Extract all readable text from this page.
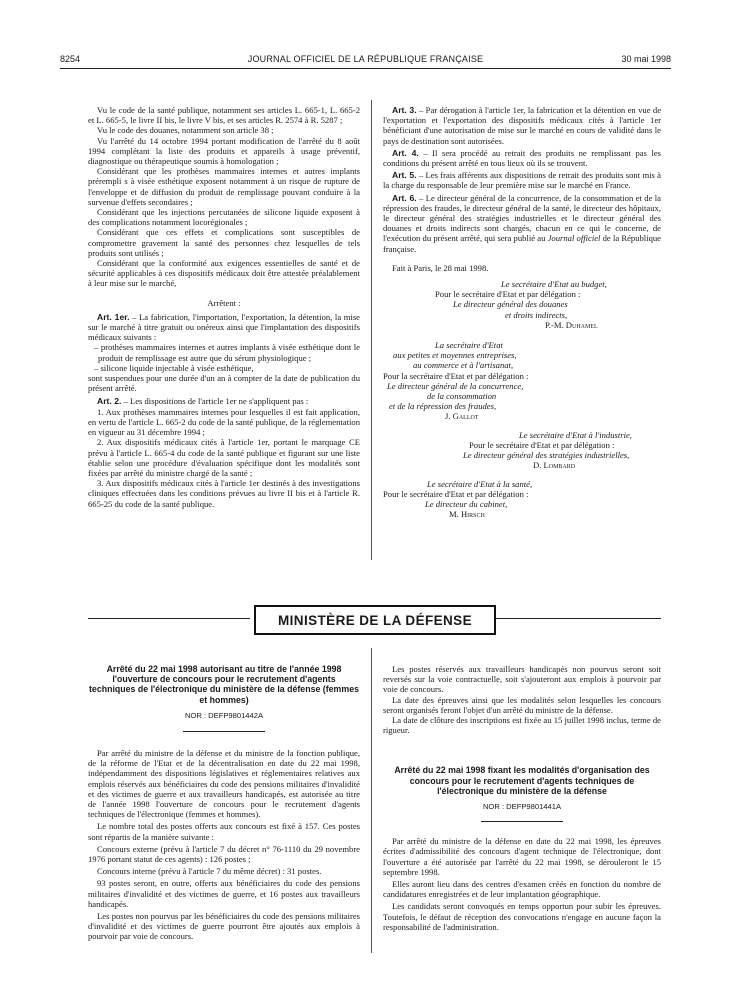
8254	JOURNAL OFFICIEL DE LA RÉPUBLIQUE FRANÇAISE	30 mai 1998

Vu le code de la santé publique, notamment ses articles L. 665-1, L. 665-2 et L. 665-5, le livre II bis, le livre V bis, et ses articles R. 2574 à R. 5287 ;

Vu le code des douanes, notamment son article 38 ;

Vu l'arrêté du 14 octobre 1994 portant modification de l'arrêté du 8 août 1994 complétant la liste des produits et appareils à usage préventif, diagnostique ou thérapeutique soumis à homologation ;

Considérant que les prothèses mammaires internes et autres implants prérempli s à visée esthétique exposent notamment à un risque de rupture de l'enveloppe et de diffusion du produit de remplissage pouvant conduire à la survenue d'effets secondaires ;

Considérant que les injections percutanées de silicone liquide exposent à des complications notamment locorégionales ;

Considérant que ces effets et complications sont susceptibles de compromettre gravement la santé des personnes chez lesquelles de tels produits sont utilisés ;

Considérant que la conformité aux exigences essentielles de santé et de sécurité applicables à ces dispositifs médicaux doit être attestée préalablement à leur mise sur le marché,

Arrêtent :

Art. 1er. – La fabrication, l'importation, l'exportation, la détention, la mise sur le marché à titre gratuit ou onéreux ainsi que l'implantation des dispositifs médicaux suivants :

– prothèses mammaires internes et autres implants à visée esthétique dont le produit de remplissage est autre que du sérum physiologique ;

– silicone liquide injectable à visée esthétique,

sont suspendues pour une durée d'un an à compter de la date de publication du présent arrêté.

Art. 2. – Les dispositions de l'article 1er ne s'appliquent pas :

1. Aux prothèses mammaires internes pour lesquelles il est fait application, en vertu de l'article L. 665-2 du code de la santé publique, de la réglementation en vigueur au 31 décembre 1994 ;

2. Aux dispositifs médicaux cités à l'article 1er, portant le marquage CE prévu à l'article L. 665-4 du code de la santé publique et figurant sur une liste établie selon une procédure d'évaluation spécifique dont les modalités sont fixées par arrêté du ministre chargé de la santé ;

3. Aux dispositifs médicaux cités à l'article 1er destinés à des investigations cliniques effectuées dans les conditions prévues au livre II bis et à l'article R. 665-25 du code de la santé publique.

Art. 3. – Par dérogation à l'article 1er, la fabrication et la détention en vue de l'exportation et l'exportation des dispositifs médicaux cités à l'article 1er bénéficiant d'une autorisation de mise sur le marché en cours de validité dans le pays de destination sont autorisées.

Art. 4. – Il sera procédé au retrait des produits ne remplissant pas les conditions du présent arrêté en tous lieux où ils se trouvent.

Art. 5. – Les frais afférents aux dispositions de retrait des produits sont mis à la charge du responsable de leur première mise sur le marché en France.

Art. 6. – Le directeur général de la concurrence, de la consommation et de la répression des fraudes, le directeur général de la santé, le directeur des hôpitaux, le directeur général des stratégies industrielles et le directeur général des douanes et droits indirects sont chargés, chacun en ce qui le concerne, de l'exécution du présent arrêté, qui sera publié au Journal officiel de la République française.

Fait à Paris, le 28 mai 1998.

Le secrétaire d'Etat au budget,

Pour le secrétaire d'Etat et par délégation :

Le directeur général des douanes

et droits indirects,

P.-M. Duhamel

La secrétaire d'Etat

aux petites et moyennes entreprises,

au commerce et à l'artisanat,

Pour la secrétaire d'Etat et par délégation :

Le directeur général de la concurrence,

de la consommation

et de la répression des fraudes,

J. Gallot

Le secrétaire d'Etat à l'industrie,

Pour le secrétaire d'Etat et par délégation :

Le directeur général des stratégies industrielles,

D. Lombard

Le secrétaire d'Etat à la santé,

Pour le secrétaire d'Etat et par délégation :

Le directeur du cabinet,

M. Hirsch

MINISTÈRE DE LA DÉFENSE

Arrêté du 22 mai 1998 autorisant au titre de l'année 1998 l'ouverture de concours pour le recrutement d'agents techniques de l'électronique du ministère de la défense (femmes et hommes)

NOR : DEFP9801442A

Par arrêté du ministre de la défense et du ministre de la fonction publique, de la réforme de l'Etat et de la décentralisation en date du 22 mai 1998, indépendamment des dispositions législatives et réglementaires relatives aux emplois réservés aux bénéficiaires du code des pensions militaires d'invalidité et des victimes de guerre et aux travailleurs handicapés, est autorisée au titre de l'année 1998 l'ouverture de concours pour le recrutement d'agents techniques de l'électronique (femmes et hommes).

Le nombre total des postes offerts aux concours est fixé à 157. Ces postes sont répartis de la manière suivante :

Concours externe (prévu à l'article 7 du décret n° 76-1110 du 29 novembre 1976 portant statut de ces agents) : 126 postes ;

Concours interne (prévu à l'article 7 du même décret) : 31 postes.

93 postes seront, en outre, offerts aux bénéficiaires du code des pensions militaires d'invalidité et des victimes de guerre, et 16 postes aux travailleurs handicapés.

Les postes non pourvus par les bénéficiaires du code des pensions militaires d'invalidité et des victimes de guerre pourront être ajoutés aux emplois à pourvoir par voie de concours.

Les postes réservés aux travailleurs handicapés non pourvus seront soit reversés sur la voie contractuelle, soit s'ajouteront aux emplois à pourvoir par voie de concours.

La date des épreuves ainsi que les modalités selon lesquelles les concours seront organisés feront l'objet d'un arrêté du ministre de la défense.

La date de clôture des inscriptions est fixée au 15 juillet 1998 inclus, terme de rigueur.

Arrêté du 22 mai 1998 fixant les modalités d'organisation des concours pour le recrutement d'agents techniques de l'électronique du ministère de la défense

NOR : DEFP9801441A

Par arrêté du ministre de la défense en date du 22 mai 1998, les épreuves écrites d'admissibilité des concours d'agent technique de l'électronique, dont l'ouverture a été autorisée par l'arrêté du 22 mai 1998, se dérouleront le 15 septembre 1998.

Elles auront lieu dans des centres d'examen créés en fonction du nombre de candidatures enregistrées et de leur implantation géographique.

Les candidats seront convoqués en temps opportun pour subir les épreuves. Toutefois, le défaut de réception des convocations n'engage en aucune façon la responsabilité de l'administration.
